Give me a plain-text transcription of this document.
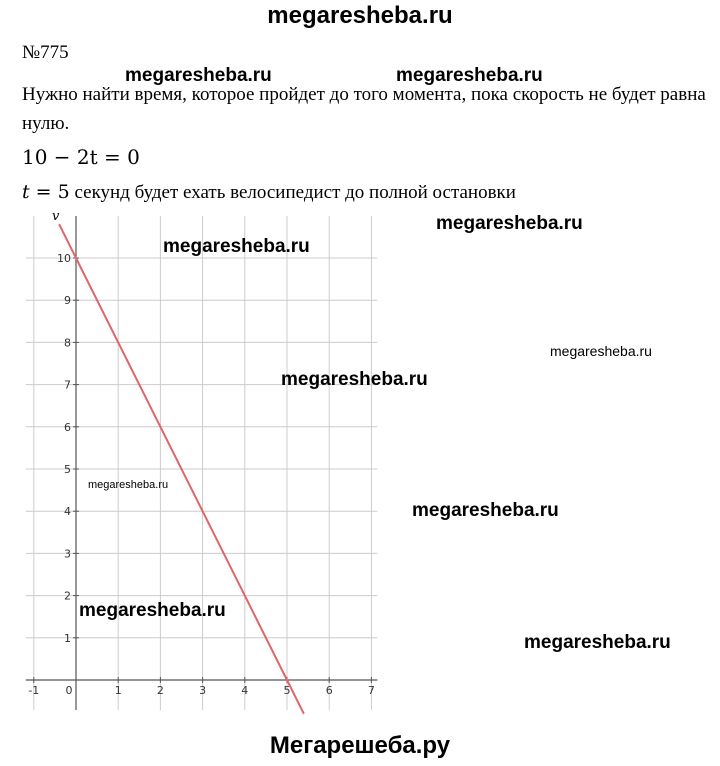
megaresheba.ru
№775
Нужно найти время, которое пройдет до того момента, пока скорость не будет равна нулю.
10 − 2t = 0
t = 5 секунд будет ехать велосипедист до полной остановки
-1 0	1	2	3	4	5	6	7
1
2
3
4
5
6
7
8
9
10
v
megaresheba.ru	megaresheba.ru
megaresheba.ru
megaresheba.ru
megaresheba.ru
megaresheba.ru
megaresheba.ru
megaresheba.ru
megaresheba.ru
megaresheba.ru
Мегарешеба.ру
